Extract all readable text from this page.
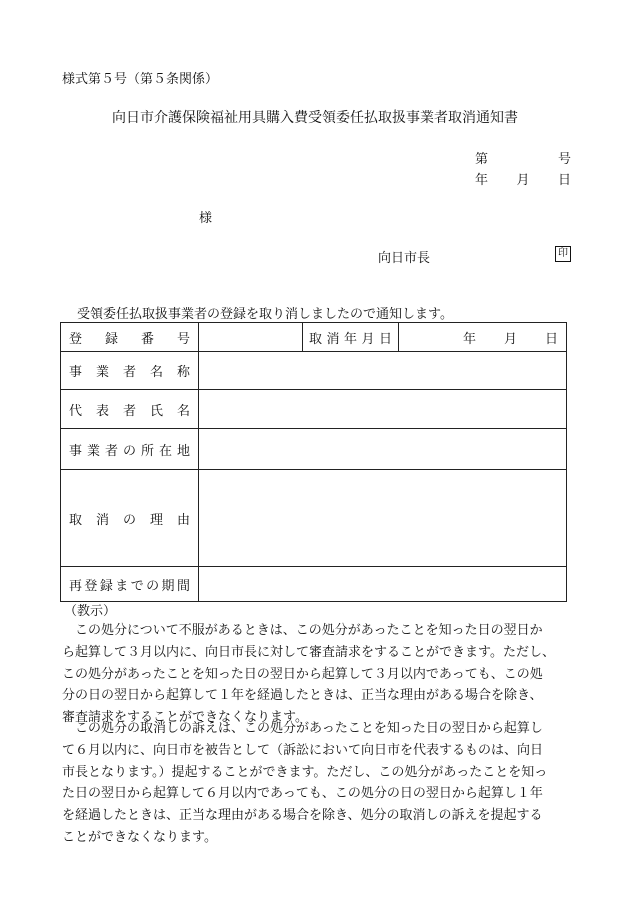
様式第５号（第５条関係）
向日市介護保険福祉用具購入費受領委任払取扱事業者取消通知書
第	号
年 月 日
様
向日市長	印
受領委任払取扱事業者の登録を取り消しましたので通知します。
登録番号		取消年月日	年 月 日

事業者名称			

代表者氏名			

事業者の所在地			

取消の理由			

再登録までの期間			

（教示）
　この処分について不服があるときは、この処分があったことを知った日の翌日か
ら起算して３月以内に、向日市長に対して審査請求をすることができます。ただし、
この処分があったことを知った日の翌日から起算して３月以内であっても、この処
分の日の翌日から起算して１年を経過したときは、正当な理由がある場合を除き、
審査請求をすることができなくなります。
　この処分の取消しの訴えは、この処分があったことを知った日の翌日から起算し
て６月以内に、向日市を被告として（訴訟において向日市を代表するものは、向日
市長となります。）提起することができます。ただし、この処分があったことを知っ
た日の翌日から起算して６月以内であっても、この処分の日の翌日から起算し１年
を経過したときは、正当な理由がある場合を除き、処分の取消しの訴えを提起する
ことができなくなります。
